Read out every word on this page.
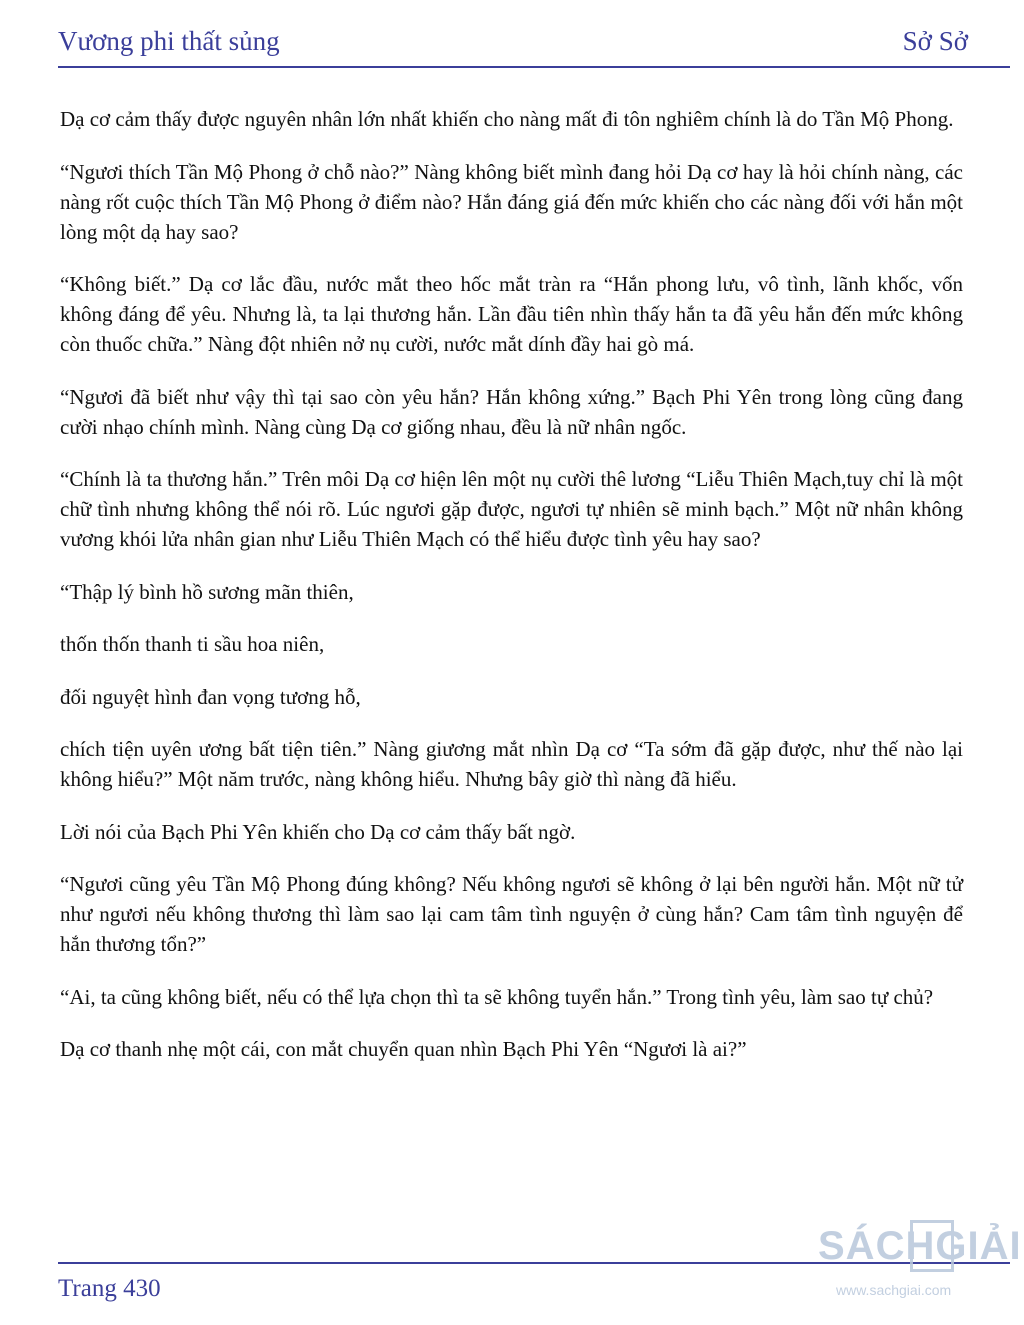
Vương phi thất sủng	Sở Sở

Dạ cơ cảm thấy được nguyên nhân lớn nhất khiến cho nàng mất đi tôn nghiêm chính là do Tần Mộ Phong.

“Ngươi thích Tần Mộ Phong ở chỗ nào?” Nàng không biết mình đang hỏi Dạ cơ hay là hỏi chính nàng, các nàng rốt cuộc thích Tần Mộ Phong ở điểm nào? Hắn đáng giá đến mức khiến cho các nàng đối với hắn một lòng một dạ hay sao?

“Không biết.” Dạ cơ lắc đầu, nước mắt theo hốc mắt tràn ra “Hắn phong lưu, vô tình, lãnh khốc, vốn không đáng để yêu. Nhưng là, ta lại thương hắn. Lần đầu tiên nhìn thấy hắn ta đã yêu hắn đến mức không còn thuốc chữa.” Nàng đột nhiên nở nụ cười, nước mắt dính đầy hai gò má.

“Ngươi đã biết như vậy thì tại sao còn yêu hắn? Hắn không xứng.” Bạch Phi Yên trong lòng cũng đang cười nhạo chính mình. Nàng cùng Dạ cơ giống nhau, đều là nữ nhân ngốc.

“Chính là ta thương hắn.” Trên môi Dạ cơ hiện lên một nụ cười thê lương “Liễu Thiên Mạch,tuy chỉ là một chữ tình nhưng không thể nói rõ. Lúc ngươi gặp được, ngươi tự nhiên sẽ minh bạch.” Một nữ nhân không vương khói lửa nhân gian như Liễu Thiên Mạch có thể hiểu được tình yêu hay sao?

“Thập lý bình hồ sương mãn thiên,

thốn thốn thanh ti sầu hoa niên,

đối nguyệt hình đan vọng tương hỗ,

chích tiện uyên ương bất tiện tiên.” Nàng giương mắt nhìn Dạ cơ “Ta sớm đã gặp được, như thế nào lại không hiểu?” Một năm trước, nàng không hiểu. Nhưng bây giờ thì nàng đã hiểu.

Lời nói của Bạch Phi Yên khiến cho Dạ cơ cảm thấy bất ngờ.

“Ngươi cũng yêu Tần Mộ Phong đúng không? Nếu không ngươi sẽ không ở lại bên người hắn. Một nữ tử như ngươi nếu không thương thì làm sao lại cam tâm tình nguyện ở cùng hắn? Cam tâm tình nguyện để hắn thương tổn?”

“Ai, ta cũng không biết, nếu có thể lựa chọn thì ta sẽ không tuyển hắn.” Trong tình yêu, làm sao tự chủ?

Dạ cơ thanh nhẹ một cái, con mắt chuyển quan nhìn Bạch Phi Yên “Ngươi là ai?”

Trang 430
SÁCHGIẢI
www.sachgiai.com
